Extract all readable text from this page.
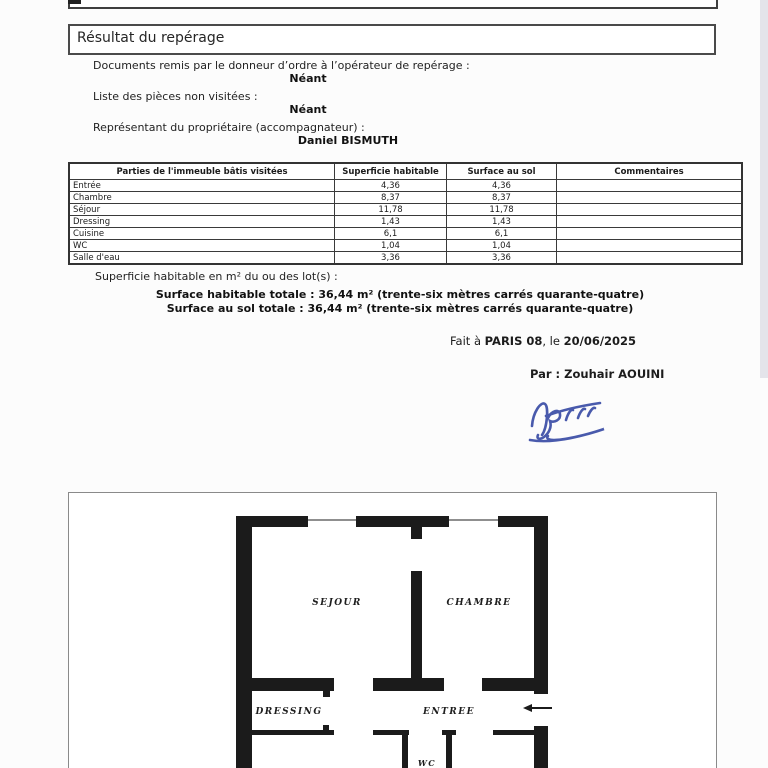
Résultat du repérage
Documents remis par le donneur d’ordre à l’opérateur de repérage :
Néant
Liste des pièces non visitées :
Néant
Représentant du propriétaire (accompagnateur) :
Daniel BISMUTH
Parties de l'immeuble bâtis visitées	Superficie habitable	Surface au sol	Commentaires
Entrée	4,36	4,36	
Chambre	8,37	8,37	
Séjour	11,78	11,78	
Dressing	1,43	1,43	
Cuisine	6,1	6,1	
WC	1,04	1,04	
Salle d'eau	3,36	3,36	
Superficie habitable en m² du ou des lot(s) :
Surface habitable totale : 36,44 m² (trente-six mètres carrés quarante-quatre)
Surface au sol totale : 36,44 m² (trente-six mètres carrés quarante-quatre)
Fait à PARIS 08, le 20/06/2025
Par : Zouhair AOUINI
SEJOUR	CHAMBRE
DRESSING	ENTREE
WC
